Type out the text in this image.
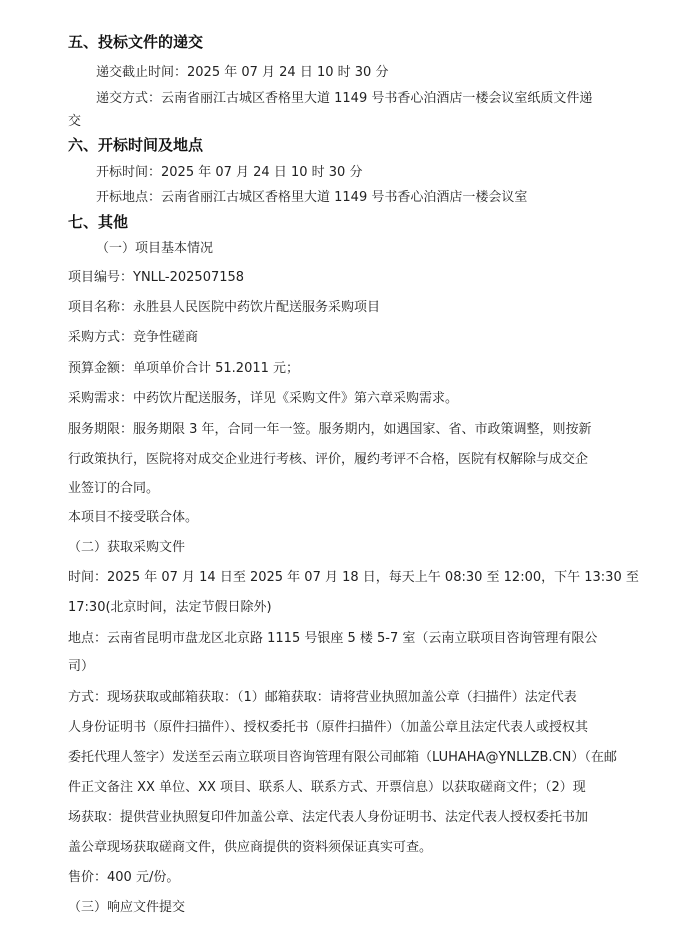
五、投标文件的递交
递交截止时间：2025 年 07 月 24 日 10 时 30 分
递交方式：云南省丽江古城区香格里大道 1149 号书香心泊酒店一楼会议室纸质文件递
交
六、开标时间及地点
开标时间：2025 年 07 月 24 日 10 时 30 分
开标地点：云南省丽江古城区香格里大道 1149 号书香心泊酒店一楼会议室
七、其他
（一）项目基本情况
项目编号：YNLL-202507158
项目名称：永胜县人民医院中药饮片配送服务采购项目
采购方式：竞争性磋商
预算金额：单项单价合计 51.2011 元；
采购需求：中药饮片配送服务，详见《采购文件》第六章采购需求。
服务期限：服务期限 3 年，合同一年一签。服务期内，如遇国家、省、市政策调整，则按新
行政策执行，医院将对成交企业进行考核、评价，履约考评不合格，医院有权解除与成交企
业签订的合同。
本项目不接受联合体。
（二）获取采购文件
时间：2025 年 07 月 14 日至 2025 年 07 月 18 日，每天上午 08:30 至 12:00，下午 13:30 至
17:30(北京时间，法定节假日除外)
地点：云南省昆明市盘龙区北京路 1115 号银座 5 楼 5-7 室（云南立联项目咨询管理有限公
司）
方式：现场获取或邮箱获取：（1）邮箱获取：请将营业执照加盖公章（扫描件）法定代表
人身份证明书（原件扫描件）、授权委托书（原件扫描件）（加盖公章且法定代表人或授权其
委托代理人签字）发送至云南立联项目咨询管理有限公司邮箱（LUHAHA@YNLLZB.CN）（在邮
件正文备注 XX 单位、XX 项目、联系人、联系方式、开票信息）以获取磋商文件；（2）现
场获取：提供营业执照复印件加盖公章、法定代表人身份证明书、法定代表人授权委托书加
盖公章现场获取磋商文件，供应商提供的资料须保证真实可查。
售价：400 元/份。
（三）响应文件提交
